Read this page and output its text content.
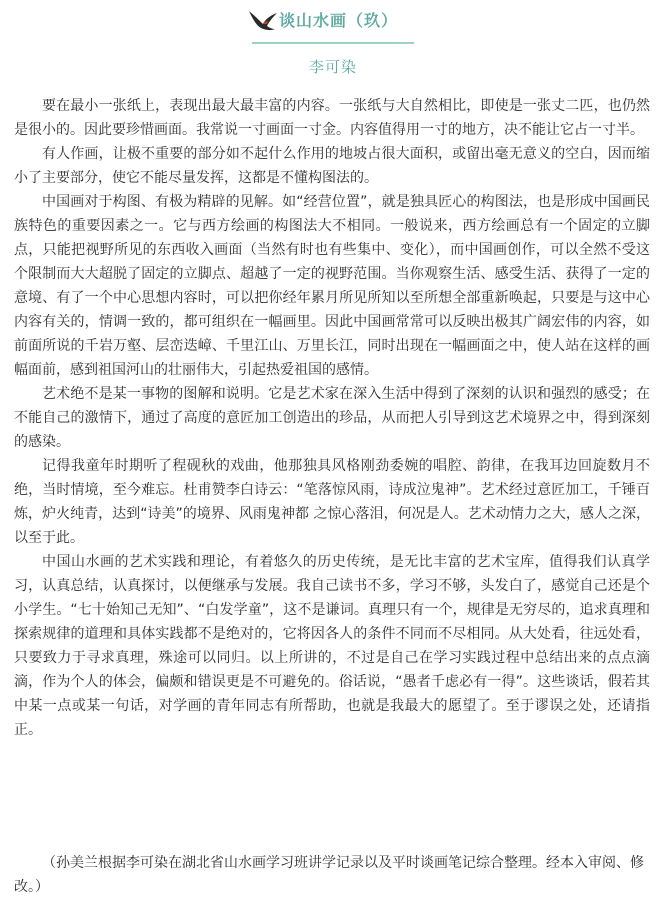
谈山水画（玖）
李可染

要在最小一张纸上，表现出最大最丰富的内容。一张纸与大自然相比，即使是一张丈二匹，也仍然是很小的。因此要珍惜画面。我常说一寸画面一寸金。内容值得用一寸的地方，决不能让它占一寸半。

有人作画，让极不重要的部分如不起什么作用的地坡占很大面积，或留出毫无意义的空白，因而缩小了主要部分，使它不能尽量发挥，这都是不懂构图法的。

中国画对于构图、有极为精辟的见解。如“经营位置”，就是独具匠心的构图法，也是形成中国画民族特色的重要因素之一。它与西方绘画的构图法大不相同。一般说来，西方绘画总有一个固定的立脚点，只能把视野所见的东西收入画面（当然有时也有些集中、变化），而中国画创作，可以全然不受这个限制而大大超脱了固定的立脚点、超越了一定的视野范围。当你观察生活、感受生活、获得了一定的意境、有了一个中心思想内容时，可以把你经年累月所见所知以至所想全部重新唤起，只要是与这中心内容有关的，情调一致的，都可组织在一幅画里。因此中国画常常可以反映出极其广阔宏伟的内容，如前面所说的千岩万壑、层峦迭嶂、千里江山、万里长江，同时出现在一幅画面之中，使人站在这样的画幅面前，感到祖国河山的壮丽伟大，引起热爱祖国的感情。

艺术绝不是某一事物的图解和说明。它是艺术家在深入生活中得到了深刻的认识和强烈的感受；在不能自己的激情下，通过了高度的意匠加工创造出的珍品，从而把人引导到这艺术境界之中，得到深刻的感染。

记得我童年时期听了程砚秋的戏曲，他那独具风格刚劲委婉的唱腔、韵律，在我耳边回旋数月不绝，当时情境，至今难忘。杜甫赞李白诗云：“笔落惊风雨，诗成泣鬼神”。艺术经过意匠加工，千锤百炼，炉火纯青，达到“诗美”的境界、风雨鬼神都 之惊心落泪，何况是人。艺术动情力之大，感人之深，以至于此。

中国山水画的艺术实践和理论，有着悠久的历史传统，是无比丰富的艺术宝库，值得我们认真学习，认真总结，认真探讨，以便继承与发展。我自己读书不多，学习不够，头发白了，感觉自己还是个小学生。“七十始知己无知”、“白发学童”，这不是谦词。真理只有一个，规律是无穷尽的，追求真理和探索规律的道理和具体实践都不是绝对的，它将因各人的条件不同而不尽相同。从大处看，往远处看，只要致力于寻求真理，殊途可以同归。以上所讲的，不过是自己在学习实践过程中总结出来的点点滴滴，作为个人的体会，偏颇和错误更是不可避免的。俗话说，“愚者千虑必有一得”。这些谈话，假若其中某一点或某一句话，对学画的青年同志有所帮助，也就是我最大的愿望了。至于谬误之处，还请指正。

（孙美兰根据李可染在湖北省山水画学习班讲学记录以及平时谈画笔记综合整理。经本入审阅、修改。）
